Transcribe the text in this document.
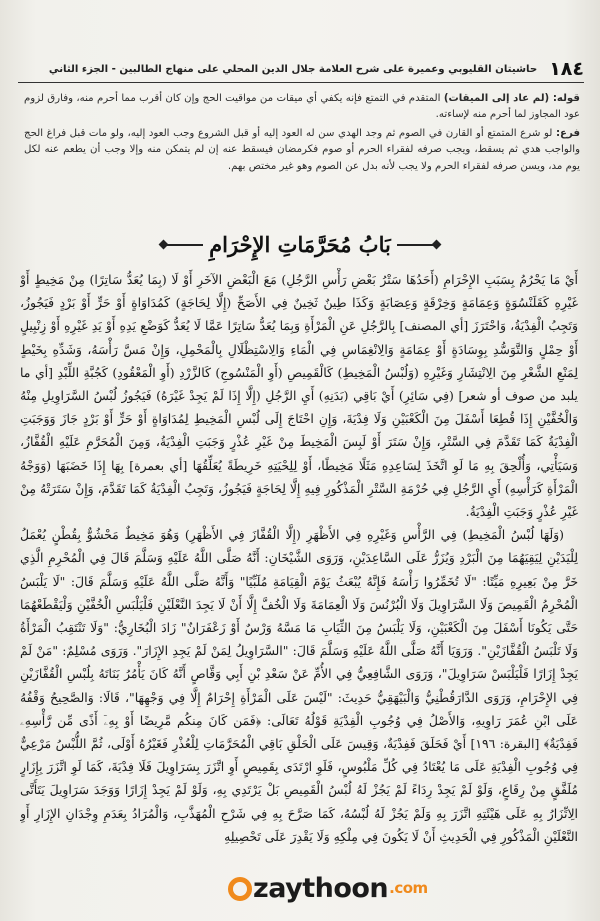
١٨٤
حاشيتان القليوبي وعميرة على شرح العلامة جلال الدين المحلي على منهاج الطالبين - الجزء الثاني

قوله: (لم عاد إلى الميقات) المتقدم في التمتع فإنه يكفي أي ميقات من مواقيت الحج وإن كان أقرب مما أحرم منه، وفارق لزوم عود المجاوز لما أحرم منه لإساءته.

فرع: لو شرع المتمتع أو القارن في الصوم ثم وجد الهدي سن له العود إليه أو قبل الشروع وجب العود إليه، ولو مات قبل فراغ الحج والواجب هدي ثم يسقط، ويجب صرفه لفقراء الحرم أو صوم فكرمضان فيسقط عنه إن لم يتمكن منه وإلا وجب أن يطعم عنه لكل يوم مد، ويسن صرفه لفقراء الحرم ولا يجب لأنه بدل عن الصوم وهو غير مختص بهم.

بَابُ مُحَرَّمَاتِ الإِحْرَامِ

أَيْ مَا يَحْرُمُ بِسَبَبِ الإِحْرَامِ (أَحَدُهَا سَتْرُ بَعْضِ رَأْسِ الرَّجُلِ) مَعَ الْبَعْضِ الآخَرِ أَوْ لَا (بِمَا يُعَدُّ سَاتِرًا) مِنْ مَخِيطٍ أَوْ غَيْرِهِ كَقَلَنْسُوَةٍ وَعِمَامَةٍ وَخِرْقَةٍ وَعِصَابَةٍ وَكَذَا طِينٌ ثَخِينٌ فِي الأَصَحِّ (إِلَّا لِحَاجَةٍ) كَمُدَاوَاةٍ أَوْ حَرٍّ أَوْ بَرْدٍ فَيَجُوزُ، وَتَجِبُ الْفِدْيَةُ، وَاحْتَرَزَ [أي المصنف] بِالرَّجُلِ عَنِ الْمَرْأَةِ وَبِمَا يُعَدُّ سَاتِرًا عَمَّا لَا يُعَدُّ كَوَضْعِ يَدِهِ أَوْ يَدِ غَيْرِهِ أَوْ زِنْبِيلٍ أَوْ حِمْلٍ وَالتَّوَسُّدِ بِوِسَادَةٍ أَوْ عِمَامَةٍ وَالِانْغِمَاسِ فِي الْمَاءِ وَالِاسْتِظْلَالِ بِالْمَحْمِلِ، وَإِنْ مَسَّ رَأْسَهُ، وَشَدِّهِ بِخَيْطٍ لِمَنْعِ الشَّعْرِ مِنَ الِانْتِشَارِ وَغَيْرِهِ (وَلُبْسُ الْمَخِيطِ) كَالْقَمِيصِ (أَوِ الْمَنْسُوجِ) كَالزَّرْدِ (أَوِ الْمَعْقُودِ) كَجُبَّةِ اللِّبْدِ [أي ما يلبد من صوف أو شعر] (فِي سَائِرِ) أَيْ بَاقِي (بَدَنِهِ) أَيِ الرَّجُلِ (إِلَّا إِذَا لَمْ يَجِدْ غَيْرَهُ) فَيَجُوزُ لُبْسُ السَّرَاوِيلِ مِنْهُ وَالْخُفَّيْنِ إِذَا قُطِعَا أَسْفَلَ مِنَ الْكَعْبَيْنِ وَلَا فِدْيَةَ، وَإِنِ احْتَاجَ إِلَى لُبْسِ الْمَخِيطِ لِمُدَاوَاةٍ أَوْ حَرٍّ أَوْ بَرْدٍ جَازَ وَوَجَبَتِ الْفِدْيَةُ كَمَا تَقَدَّمَ فِي السَّتْرِ، وَإِنْ سَتَرَ أَوْ لَبِسَ الْمَخِيطَ مِنْ غَيْرِ عُذْرٍ وَجَبَتِ الْفِدْيَةُ، وَمِنَ الْمُحَرَّمِ عَلَيْهِ الْقُفَّازُ، وَسَيَأْتِي، وَأُلْحِقَ بِهِ مَا لَوِ اتَّخَذَ لِسَاعِدِهِ مَثَلًا مَخِيطًا، أَوْ لِلِحْيَتِهِ خَرِيطَةً يُعَلِّقُهَا [أي بعمرة] بِهَا إِذَا خَضَبَهَا (وَوَجْهُ الْمَرْأَةِ كَرَأْسِهِ) أَيِ الرَّجُلِ فِي حُرْمَةِ السَّتْرِ الْمَذْكُورِ فِيهِ إِلَّا لِحَاجَةٍ فَيَجُوزُ، وَتَجِبُ الْفِدْيَةُ كَمَا تَقَدَّمَ، وَإِنْ سَتَرَتْهُ مِنْ غَيْرِ عُذْرٍ وَجَبَتِ الْفِدْيَةُ.

(وَلَهَا لُبْسُ الْمَخِيطِ) فِي الرَّأْسِ وَغَيْرِهِ فِي الأَظْهَرِ (إِلَّا الْقُفَّازَ فِي الأَظْهَرِ) وَهُوَ مَخِيطٌ مَحْشُوٌّ بِقُطْنٍ يُعْمَلُ لِلْيَدَيْنِ لِيَقِيَهُمَا مِنَ الْبَرْدِ وَيُزَرُّ عَلَى السَّاعِدَيْنِ، وَرَوَى الشَّيْخَانِ: أَنَّهُ صَلَّى اللَّهُ عَلَيْهِ وَسَلَّمَ قَالَ فِي الْمُحْرِمِ الَّذِي خَرَّ مِنْ بَعِيرِهِ مَيِّتًا: "لَا تُخَمِّرُوا رَأْسَهُ فَإِنَّهُ يُبْعَثُ يَوْمَ الْقِيَامَةِ مُلَبِّيًا" وَأَنَّهُ صَلَّى اللَّهُ عَلَيْهِ وَسَلَّمَ قَالَ: "لَا يَلْبَسُ الْمُحْرِمُ الْقَمِيصَ وَلَا السَّرَاوِيلَ وَلَا الْبُرْنُسَ وَلَا الْعِمَامَةَ وَلَا الْخُفَّ إِلَّا أَنْ لَا يَجِدَ النَّعْلَيْنِ فَلْيَلْبَسِ الْخُفَّيْنِ وَلْيَقْطَعْهُمَا حَتَّى يَكُونَا أَسْفَلَ مِنَ الْكَعْبَيْنِ، وَلَا يَلْبَسُ مِنَ الثِّيَابِ مَا مَسَّهُ وَرْسٌ أَوْ زَعْفَرَانٌ" زَادَ الْبُخَارِيُّ: "وَلَا تَنْتَقِبُ الْمَرْأَةُ وَلَا تَلْبَسُ الْقُفَّازَيْنِ". وَرَوَيَا أَنَّهُ صَلَّى اللَّهُ عَلَيْهِ وَسَلَّمَ قَالَ: "السَّرَاوِيلُ لِمَنْ لَمْ يَجِدِ الإِزَارَ". وَرَوَى مُسْلِمٌ: "مَنْ لَمْ يَجِدْ إِزَارًا فَلْيَلْبَسْ سَرَاوِيلَ"، وَرَوَى الشَّافِعِيُّ فِي الأُمِّ عَنْ سَعْدِ بْنِ أَبِي وَقَّاصٍ أَنَّهُ كَانَ يَأْمُرُ بَنَاتَهُ بِلُبْسِ الْقُفَّازَيْنِ فِي الإِحْرَامِ، وَرَوَى الدَّارَقُطْنِيُّ وَالْبَيْهَقِيُّ حَدِيثَ: "لَيْسَ عَلَى الْمَرْأَةِ إِحْرَامٌ إِلَّا فِي وَجْهِهَا"، قَالَا: وَالصَّحِيحُ وَقْفُهُ عَلَى ابْنِ عُمَرَ رَاوِيهِ، وَالأَصْلُ فِي وُجُوبِ الْفِدْيَةِ قَوْلُهُ تَعَالَى: ﴿فَمَن كَانَ مِنكُم مَّرِيضًا أَوْ بِهِۦٓ أَذًى مِّن رَّأْسِهِۦ فَفِدْيَةٌ﴾ [البقرة: ١٩٦] أَيْ فَحَلَقَ فَفِدْيَةٌ، وَقِيسَ عَلَى الْحَلْقِ بَاقِي الْمُحَرَّمَاتِ لِلْعُذْرِ فَغَيْرُهُ أَوْلَى، ثُمَّ اللُّبْسُ مَرْعِيٌّ فِي وُجُوبِ الْفِدْيَةِ عَلَى مَا يُعْتَادُ فِي كُلِّ مَلْبُوسٍ، فَلَوِ ارْتَدَى بِقَمِيصٍ أَوِ اتَّزَرَ بِسَرَاوِيلَ فَلَا فِدْيَةَ، كَمَا لَوِ اتَّزَرَ بِإِزَارٍ مُلَفَّقٍ مِنْ رِقَاعٍ، وَلَوْ لَمْ يَجِدْ رِدَاءً لَمْ يَجُزْ لَهُ لُبْسُ الْقَمِيصِ بَلْ يَرْتَدِي بِهِ، وَلَوْ لَمْ يَجِدْ إِزَارًا وَوَجَدَ سَرَاوِيلَ يَتَأَتَّى الِاتِّزَارُ بِهِ عَلَى هَيْئَتِهِ اتَّزَرَ بِهِ وَلَمْ يَجُزْ لَهُ لُبْسُهُ، كَمَا صَرَّحَ بِهِ فِي شَرْحِ الْمُهَذَّبِ، وَالْمُرَادُ بِعَدَمِ وِجْدَانِ الإِزَارِ أَوِ النَّعْلَيْنِ الْمَذْكُورِ فِي الْحَدِيثِ أَنْ لَا يَكُونَ فِي مِلْكِهِ وَلَا يَقْدِرَ عَلَى تَحْصِيلِهِ

zaythoon .com
